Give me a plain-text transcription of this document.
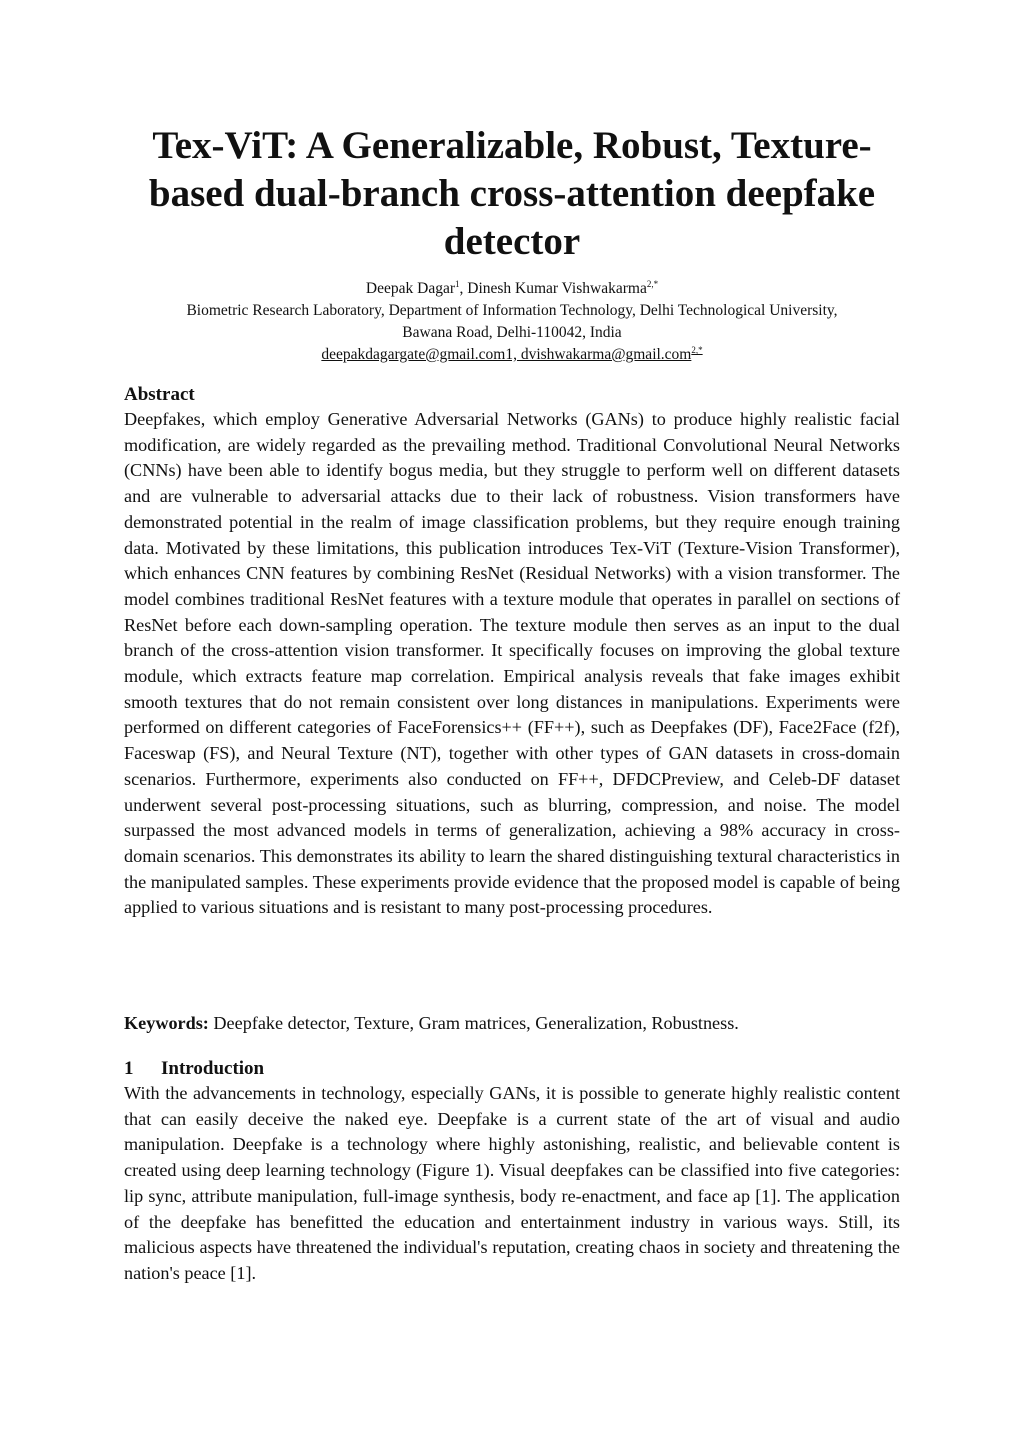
Tex-ViT: A Generalizable, Robust, Texture-based dual-branch cross-attention deepfake detector
Deepak Dagar$^1$, Dinesh Kumar Vishwakarma$^{2,*}$
Biometric Research Laboratory, Department of Information Technology, Delhi Technological University,
Bawana Road, Delhi-110042, India
deepakdagargate@gmail.com1, dvishwakarma@gmail.com$^{2,*}$
Abstract

Deepfakes, which employ Generative Adversarial Networks (GANs) to produce highly realistic facial modification, are widely regarded as the prevailing method. Traditional Convolutional Neural Networks (CNNs) have been able to identify bogus media, but they struggle to perform well on different datasets and are vulnerable to adversarial attacks due to their lack of robustness. Vision transformers have demonstrated potential in the realm of image classification problems, but they require enough training data. Motivated by these limitations, this publication introduces Tex-ViT (Texture-Vision Transformer), which enhances CNN features by combining ResNet (Residual Networks) with a vision transformer. The model combines traditional ResNet features with a texture module that operates in parallel on sections of ResNet before each down-sampling operation. The texture module then serves as an input to the dual branch of the cross-attention vision transformer. It specifically focuses on improving the global texture module, which extracts feature map correlation. Empirical analysis reveals that fake images exhibit smooth textures that do not remain consistent over long distances in manipulations. Experiments were performed on different categories of FaceForensics++ (FF++), such as Deepfakes (DF), Face2Face (f2f), Faceswap (FS), and Neural Texture (NT), together with other types of GAN datasets in cross-domain scenarios. Furthermore, experiments also conducted on FF++, DFDCPreview, and Celeb-DF dataset underwent several post-processing situations, such as blurring, compression, and noise. The model surpassed the most advanced models in terms of generalization, achieving a 98% accuracy in cross-domain scenarios. This demonstrates its ability to learn the shared distinguishing textural characteristics in the manipulated samples. These experiments provide evidence that the proposed model is capable of being applied to various situations and is resistant to many post-processing procedures.

Keywords: Deepfake detector, Texture, Gram matrices, Generalization, Robustness.

1 Introduction

With the advancements in technology, especially GANs, it is possible to generate highly realistic content that can easily deceive the naked eye. Deepfake is a current state of the art of visual and audio manipulation. Deepfake is a technology where highly astonishing, realistic, and believable content is created using deep learning technology (Figure 1). Visual deepfakes can be classified into five categories: lip sync, attribute manipulation, full-image synthesis, body re-enactment, and face ap [1]. The application of the deepfake has benefitted the education and entertainment industry in various ways. Still, its malicious aspects have threatened the individual's reputation, creating chaos in society and threatening the nation's peace [1].
